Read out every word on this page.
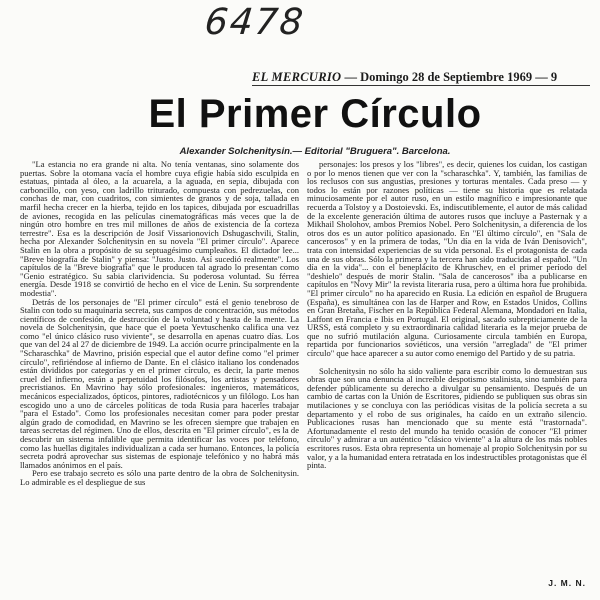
6478
EL MERCURIO — Domingo 28 de Septiembre 1969 — 9
El Primer Círculo
Alexander Solchenitysin.— Editorial "Bruguera". Barcelona.

"La estancia no era grande ni alta. No tenía ventanas, sino solamente dos puertas. Sobre la otomana vacía el hombre cuya efigie había sido esculpida en estatuas, pintada al óleo, a la acuarela, a la aguada, en sepia, dibujada con carboncillo, con yeso, con ladrillo triturado, compuesta con pedrezuelas, con conchas de mar, con cuadritos, con simientes de granos y de soja, tallada en marfil hecha crecer en la hierba, tejido en los tapices, dibujada por escuadrillas de aviones, recogida en las películas cinematográficas más veces que la de ningún otro hombre en tres mil millones de años de existencia de la corteza terrestre". Esa es la descripción de Josif Vissarionovich Dshugaschvili, Stalin, hecha por Alexander Solchenitysin en su novela "El primer círculo". Aparece Stalin en la obra a propósito de su septuagésimo cumpleaños. El dictador lee... "Breve biografía de Stalin" y piensa: "Justo. Justo. Así sucedió realmente". Los capítulos de la "Breve biografía" que le producen tal agrado lo presentan como "Genio estratégico. Su sabia clarividencia. Su poderosa voluntad. Su férrea energía. Desde 1918 se convirtió de hecho en el vice de Lenin. Su sorprendente modestia".

Detrás de los personajes de "El primer círculo" está el genio tenebroso de Stalin con todo su maquinaria secreta, sus campos de concentración, sus métodos científicos de confesión, de destrucción de la voluntad y hasta de la mente. La novela de Solchenitysin, que hace que el poeta Yevtuschenko califica una vez como "el único clásico ruso viviente", se desarrolla en apenas cuatro días. Los que van del 24 al 27 de diciembre de 1949. La acción ocurre principalmente en la "Scharaschka" de Mavrino, prisión especial que el autor define como "el primer círculo", refiriéndose al infierno de Dante. En el clásico italiano los condenados están divididos por categorías y en el primer círculo, es decir, la parte menos cruel del infierno, están a perpetuidad los filósofos, los artistas y pensadores precristianos. En Mavrino hay sólo profesionales: ingenieros, matemáticos, mecánicos especializados, ópticos, pintores, radiotécnicos y un filólogo. Los han escogido uno a uno de cárceles políticas de toda Rusia para hacerles trabajar "para el Estado". Como los profesionales necesitan comer para poder prestar algún grado de comodidad, en Mavrino se les ofrecen siempre que trabajen en tareas secretas del régimen. Uno de ellos, descrita en "El primer círculo", es la de descubrir un sistema infalible que permita identificar las voces por teléfono, como las huellas digitales individualizan a cada ser humano. Entonces, la policía secreta podrá aprovechar sus sistemas de espionaje telefónico y no habrá más llamados anónimos en el país.

Pero ese trabajo secreto es sólo una parte dentro de la obra de Solchenitysin. Lo admirable es el despliegue de sus

personajes: los presos y los "libres", es decir, quienes los cuidan, los castigan o por lo menos tienen que ver con la "scharaschka". Y, también, las familias de los reclusos con sus angustias, presiones y torturas mentales. Cada preso — y todos lo están por razones políticas — tiene su historia que es relatada minuciosamente por el autor ruso, en un estilo magnífico e impresionante que recuerda a Tolstoy y a Dostoievski. Es, indiscutiblemente, el autor de más calidad de la excelente generación última de autores rusos que incluye a Pasternak y a Mikhail Sholohov, ambos Premios Nobel. Pero Solchenitysin, a diferencia de los otros dos es un autor político apasionado. En "El último círculo", en "Sala de cancerosos" y en la primera de todas, "Un día en la vida de Iván Denisovich", trata con intensidad experiencias de su vida personal. Es el protagonista de cada una de sus obras. Sólo la primera y la tercera han sido traducidas al español. "Un día en la vida"... con el beneplácito de Khruschev, en el primer período del "deshielo" después de morir Stalin. "Sala de cancerosos" iba a publicarse en capítulos en "Novy Mir" la revista literaria rusa, pero a última hora fue prohibida. "El primer círculo" no ha aparecido en Rusia. La edición en español de Bruguera (España), es simultánea con las de Harper and Row, en Estados Unidos, Collins en Gran Bretaña, Fischer en la República Federal Alemana, Mondadori en Italia, Laffont en Francia e Ibis en Portugal. El original, sacado subrepticiamente de la URSS, está completo y su extraordinaria calidad literaria es la mejor prueba de que no sufrió mutilación alguna. Curiosamente circula también en Europa, repartida por funcionarios soviéticos, una versión "arreglada" de "El primer círculo" que hace aparecer a su autor como enemigo del Partido y de su patria.

Solchenitysin no sólo ha sido valiente para escribir como lo demuestran sus obras que son una denuncia al increíble despotismo stalinista, sino también para defender públicamente su derecho a divulgar su pensamiento. Después de un cambio de cartas con la Unión de Escritores, pidiendo se publiquen sus obras sin mutilaciones y se concluya con las periódicas visitas de la policía secreta a su departamento y el robo de sus originales, ha caído en un extraño silencio. Publicaciones rusas han mencionado que su mente está "trastornada". Afortunadamente el resto del mundo ha tenido ocasión de conocer "El primer círculo" y admirar a un auténtico "clásico viviente" a la altura de los más nobles escritores rusos. Esta obra representa un homenaje al propio Solchenitysin por su valor, y a la humanidad entera retratada en los indestructibles protagonistas que él pinta.

J. M. N.
